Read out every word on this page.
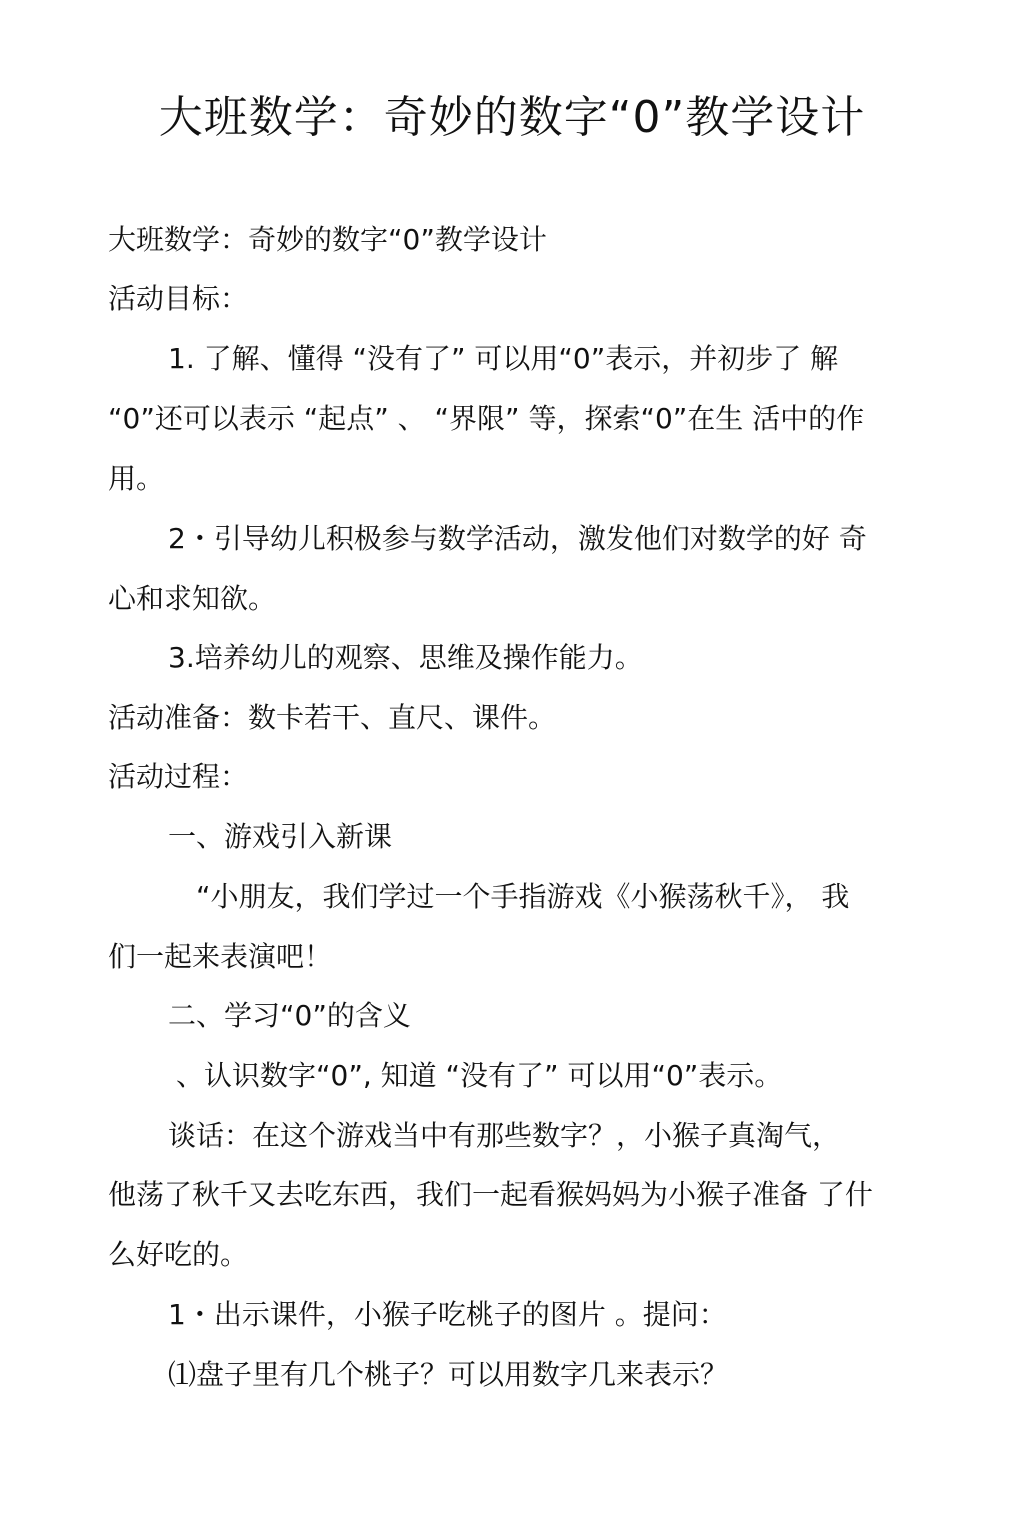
大班数学：奇妙的数字“0”教学设计
大班数学：奇妙的数字“0”教学设计
活动目标：
1. 了解、懂得 “没有了” 可以用“0”表示，并初步了 解
“0”还可以表示 “起点” 、 “界限” 等，探索“0”在生 活中的作
用。
2・引导幼儿积极参与数学活动，激发他们对数学的好 奇
心和求知欲。
3.培养幼儿的观察、思维及操作能力。
活动准备：数卡若干、直尺、课件。
活动过程：
一、游戏引入新课
“小朋友，我们学过一个手指游戏《小猴荡秋千》， 我
们一起来表演吧！
二、学习“0”的含义
、认识数字“0”, 知道 “没有了” 可以用“0”表示。
谈话：在这个游戏当中有那些数字？，小猴子真淘气，
他荡了秋千又去吃东西，我们一起看猴妈妈为小猴子准备 了什
么好吃的。
1・出示课件，小猴子吃桃子的图片 。提问：
⑴盘子里有几个桃子？可以用数字几来表示？
